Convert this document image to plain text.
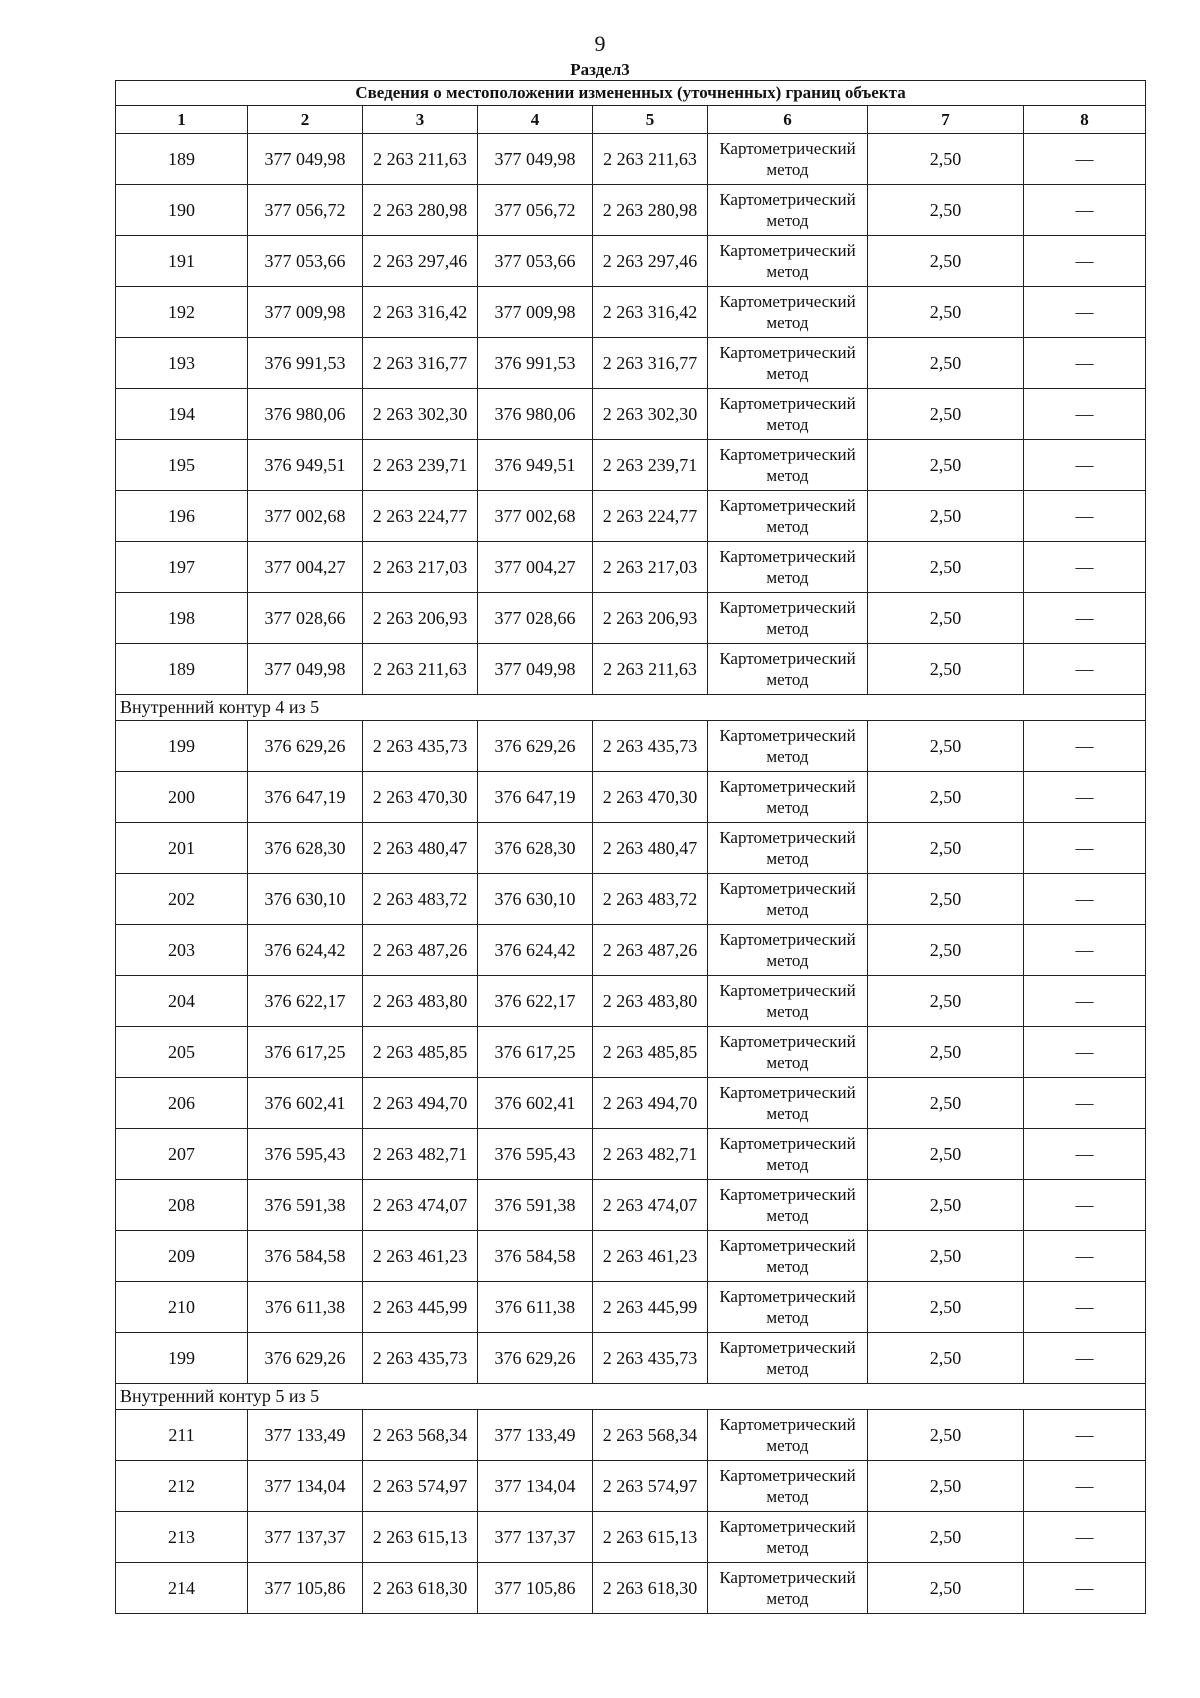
9
Раздел3
Сведения о местоположении измененных (уточненных) границ объекта							
1	2	3	4	5	6	7	8
189	377 049,98	2 263 211,63	377 049,98	2 263 211,63	Картометрический метод	2,50	—
190	377 056,72	2 263 280,98	377 056,72	2 263 280,98	Картометрический метод	2,50	—
191	377 053,66	2 263 297,46	377 053,66	2 263 297,46	Картометрический метод	2,50	—
192	377 009,98	2 263 316,42	377 009,98	2 263 316,42	Картометрический метод	2,50	—
193	376 991,53	2 263 316,77	376 991,53	2 263 316,77	Картометрический метод	2,50	—
194	376 980,06	2 263 302,30	376 980,06	2 263 302,30	Картометрический метод	2,50	—
195	376 949,51	2 263 239,71	376 949,51	2 263 239,71	Картометрический метод	2,50	—
196	377 002,68	2 263 224,77	377 002,68	2 263 224,77	Картометрический метод	2,50	—
197	377 004,27	2 263 217,03	377 004,27	2 263 217,03	Картометрический метод	2,50	—
198	377 028,66	2 263 206,93	377 028,66	2 263 206,93	Картометрический метод	2,50	—
189	377 049,98	2 263 211,63	377 049,98	2 263 211,63	Картометрический метод	2,50	—
Внутренний контур 4 из 5							
199	376 629,26	2 263 435,73	376 629,26	2 263 435,73	Картометрический метод	2,50	—
200	376 647,19	2 263 470,30	376 647,19	2 263 470,30	Картометрический метод	2,50	—
201	376 628,30	2 263 480,47	376 628,30	2 263 480,47	Картометрический метод	2,50	—
202	376 630,10	2 263 483,72	376 630,10	2 263 483,72	Картометрический метод	2,50	—
203	376 624,42	2 263 487,26	376 624,42	2 263 487,26	Картометрический метод	2,50	—
204	376 622,17	2 263 483,80	376 622,17	2 263 483,80	Картометрический метод	2,50	—
205	376 617,25	2 263 485,85	376 617,25	2 263 485,85	Картометрический метод	2,50	—
206	376 602,41	2 263 494,70	376 602,41	2 263 494,70	Картометрический метод	2,50	—
207	376 595,43	2 263 482,71	376 595,43	2 263 482,71	Картометрический метод	2,50	—
208	376 591,38	2 263 474,07	376 591,38	2 263 474,07	Картометрический метод	2,50	—
209	376 584,58	2 263 461,23	376 584,58	2 263 461,23	Картометрический метод	2,50	—
210	376 611,38	2 263 445,99	376 611,38	2 263 445,99	Картометрический метод	2,50	—
199	376 629,26	2 263 435,73	376 629,26	2 263 435,73	Картометрический метод	2,50	—
Внутренний контур 5 из 5							
211	377 133,49	2 263 568,34	377 133,49	2 263 568,34	Картометрический метод	2,50	—
212	377 134,04	2 263 574,97	377 134,04	2 263 574,97	Картометрический метод	2,50	—
213	377 137,37	2 263 615,13	377 137,37	2 263 615,13	Картометрический метод	2,50	—
214	377 105,86	2 263 618,30	377 105,86	2 263 618,30	Картометрический метод	2,50	—
